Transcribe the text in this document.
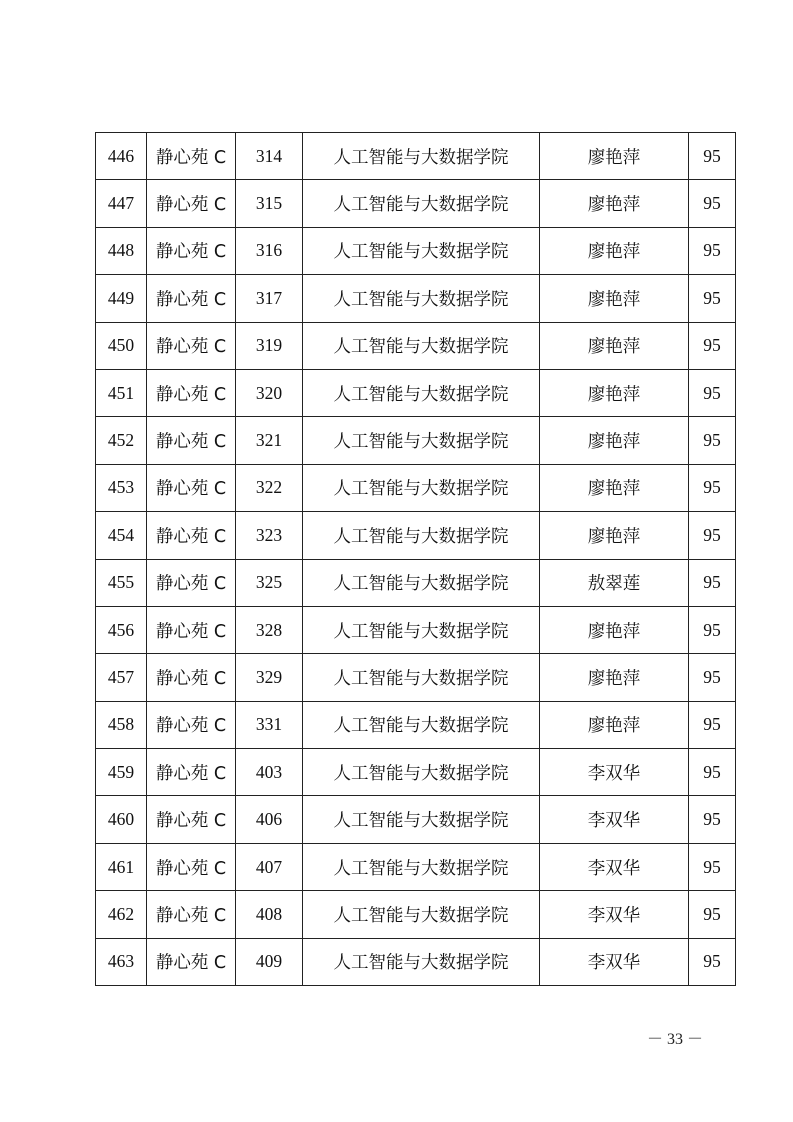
446	静心苑 C	314	人工智能与大数据学院	廖艳萍	95
447	静心苑 C	315	人工智能与大数据学院	廖艳萍	95
448	静心苑 C	316	人工智能与大数据学院	廖艳萍	95
449	静心苑 C	317	人工智能与大数据学院	廖艳萍	95
450	静心苑 C	319	人工智能与大数据学院	廖艳萍	95
451	静心苑 C	320	人工智能与大数据学院	廖艳萍	95
452	静心苑 C	321	人工智能与大数据学院	廖艳萍	95
453	静心苑 C	322	人工智能与大数据学院	廖艳萍	95
454	静心苑 C	323	人工智能与大数据学院	廖艳萍	95
455	静心苑 C	325	人工智能与大数据学院	敖翠莲	95
456	静心苑 C	328	人工智能与大数据学院	廖艳萍	95
457	静心苑 C	329	人工智能与大数据学院	廖艳萍	95
458	静心苑 C	331	人工智能与大数据学院	廖艳萍	95
459	静心苑 C	403	人工智能与大数据学院	李双华	95
460	静心苑 C	406	人工智能与大数据学院	李双华	95
461	静心苑 C	407	人工智能与大数据学院	李双华	95
462	静心苑 C	408	人工智能与大数据学院	李双华	95
463	静心苑 C	409	人工智能与大数据学院	李双华	95
－ 33 －
